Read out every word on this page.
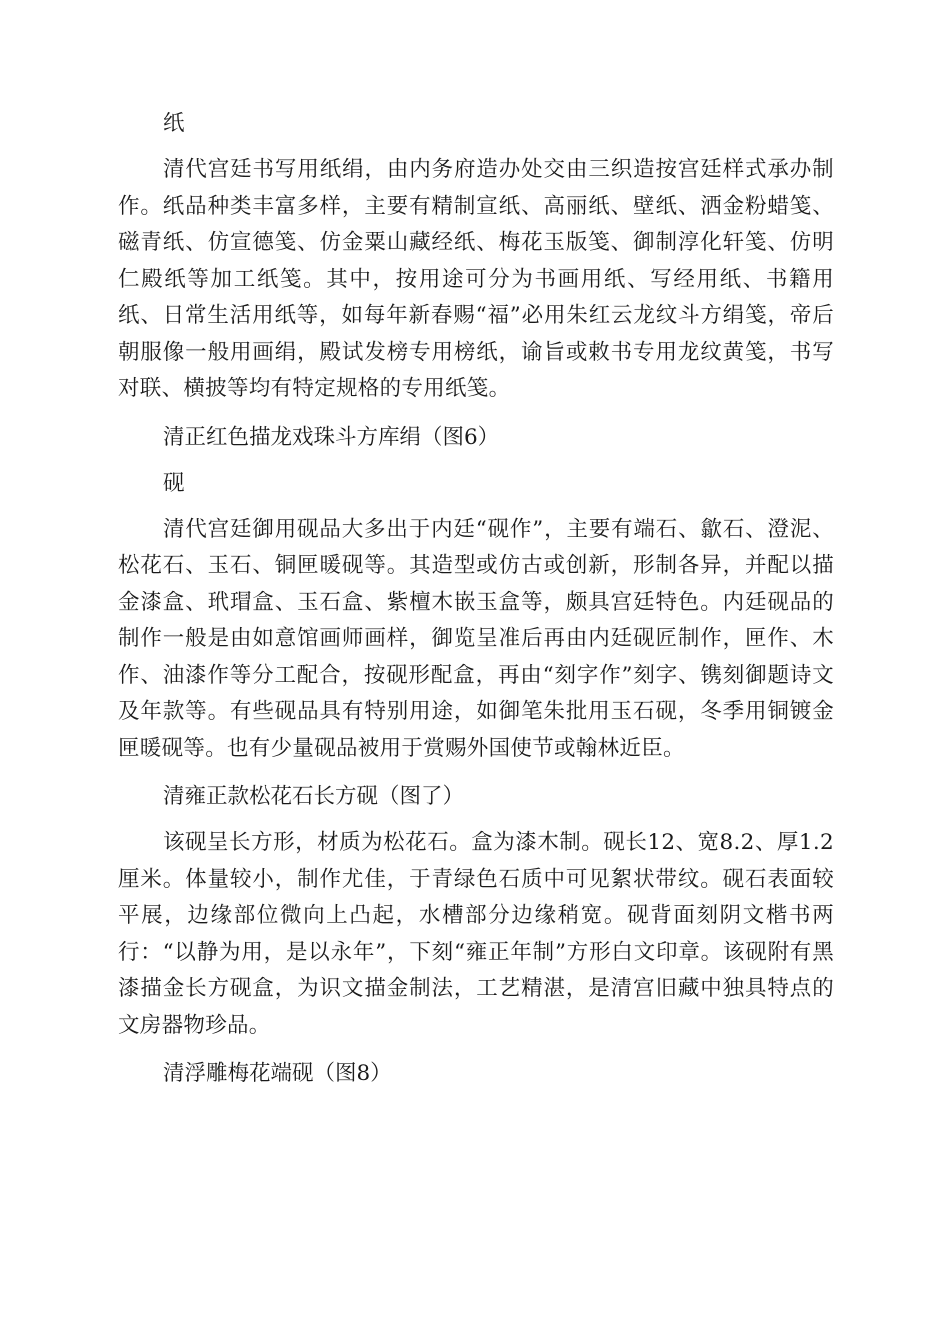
纸

清代宫廷书写用纸绢，由内务府造办处交由三织造按宫廷样式承办制作。纸品种类丰富多样，主要有精制宣纸、高丽纸、壁纸、洒金粉蜡笺、磁青纸、仿宣德笺、仿金粟山藏经纸、梅花玉版笺、御制淳化轩笺、仿明仁殿纸等加工纸笺。其中，按用途可分为书画用纸、写经用纸、书籍用纸、日常生活用纸等，如每年新春赐“福”必用朱红云龙纹斗方绢笺，帝后朝服像一般用画绢，殿试发榜专用榜纸，谕旨或敕书专用龙纹黄笺，书写对联、横披等均有特定规格的专用纸笺。

清正红色描龙戏珠斗方库绢（图6）

砚

清代宫廷御用砚品大多出于内廷“砚作”，主要有端石、歙石、澄泥、松花石、玉石、铜匣暖砚等。其造型或仿古或创新，形制各异，并配以描金漆盒、玳瑁盒、玉石盒、紫檀木嵌玉盒等，颇具宫廷特色。内廷砚品的制作一般是由如意馆画师画样，御览呈准后再由内廷砚匠制作，匣作、木作、油漆作等分工配合，按砚形配盒，再由“刻字作”刻字、镌刻御题诗文及年款等。有些砚品具有特别用途，如御笔朱批用玉石砚，冬季用铜镀金匣暖砚等。也有少量砚品被用于赏赐外国使节或翰林近臣。

清雍正款松花石长方砚（图了）

该砚呈长方形，材质为松花石。盒为漆木制。砚长12、宽8.2、厚1.2厘米。体量较小，制作尤佳，于青绿色石质中可见絮状带纹。砚石表面较平展，边缘部位微向上凸起，水槽部分边缘稍宽。砚背面刻阴文楷书两行：“以静为用，是以永年”，下刻“雍正年制”方形白文印章。该砚附有黑漆描金长方砚盒，为识文描金制法，工艺精湛，是清宫旧藏中独具特点的文房器物珍品。

清浮雕梅花端砚（图8）
